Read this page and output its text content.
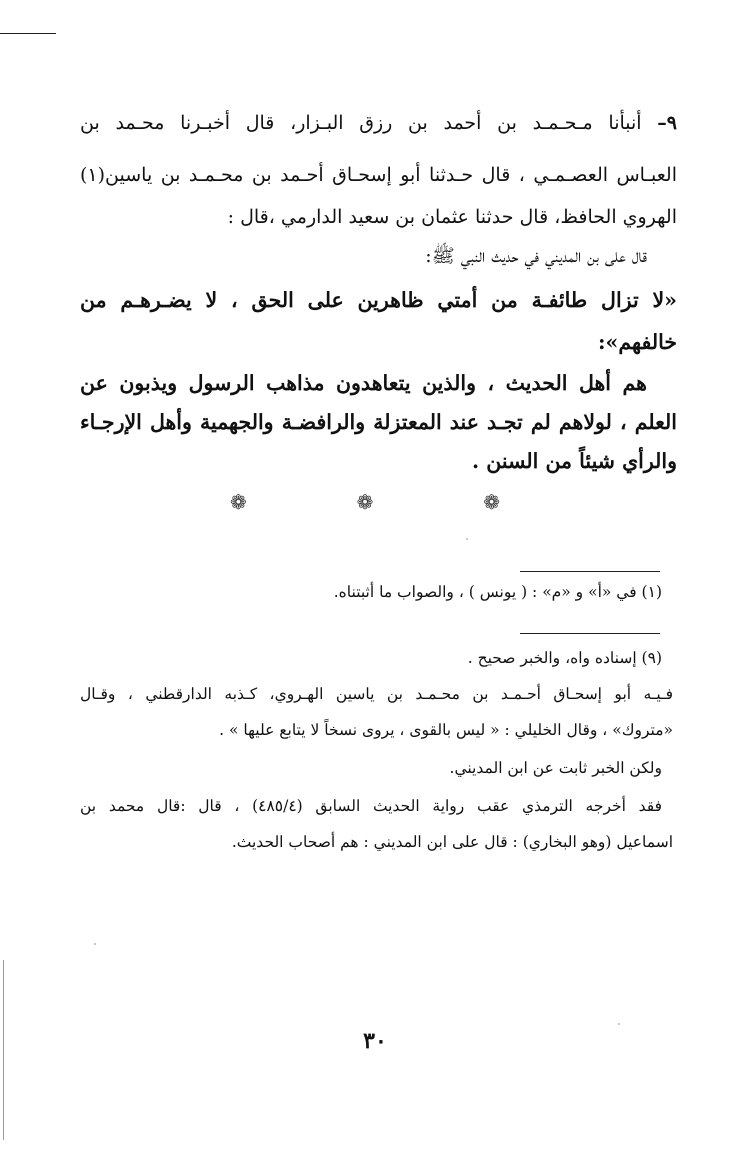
٩– أنبأنا مـحـمـد بن أحمد بن رزق البـزار، قال أخبـرنا محـمد بن
العبـاس العصـمـي ، قال حـدثنا أبو إسحـاق أحـمد بن محـمـد بن ياسين(١)
الهروي الحافظ، قال حدثنا عثمان بن سعيد الدارمي ،قال :
قال على بن المديني في حديث النبي ﷺ:
«لا تزال طائفـة من أمتي ظاهرين على الحق ، لا يضـرهـم من
خالفهم»:
هم أهل الحديث ، والذين يتعاهدون مذاهب الرسول ويذبون عن
العلم ، لولاهم لم تجـد عند المعتزلة والرافضـة والجهمية وأهل الإرجـاء
والرأي شيئاً من السنن .
❁	❁	❁
(١) في «أ» و «م» : ( يونس ) ، والصواب ما أثبتناه.
(٩) إسناده واه، والخبر صحيح .
فـيـه أبو إسحـاق أحـمـد بن محـمـد بن ياسين الهـروي، كـذبه الدارقطني ، وقـال
«متروك» ، وقال الخليلي : « ليس بالقوى ، يروى نسخاً لا يتابع عليها » .
ولكن الخبر ثابت عن ابن المديني.
فقد أخرجه الترمذي عقب رواية الحديث السابق (٤٨٥/٤) ، قال :قال محمد بن
اسماعيل (وهو البخاري) : قال على ابن المديني : هم أصحاب الحديث.
٣٠
